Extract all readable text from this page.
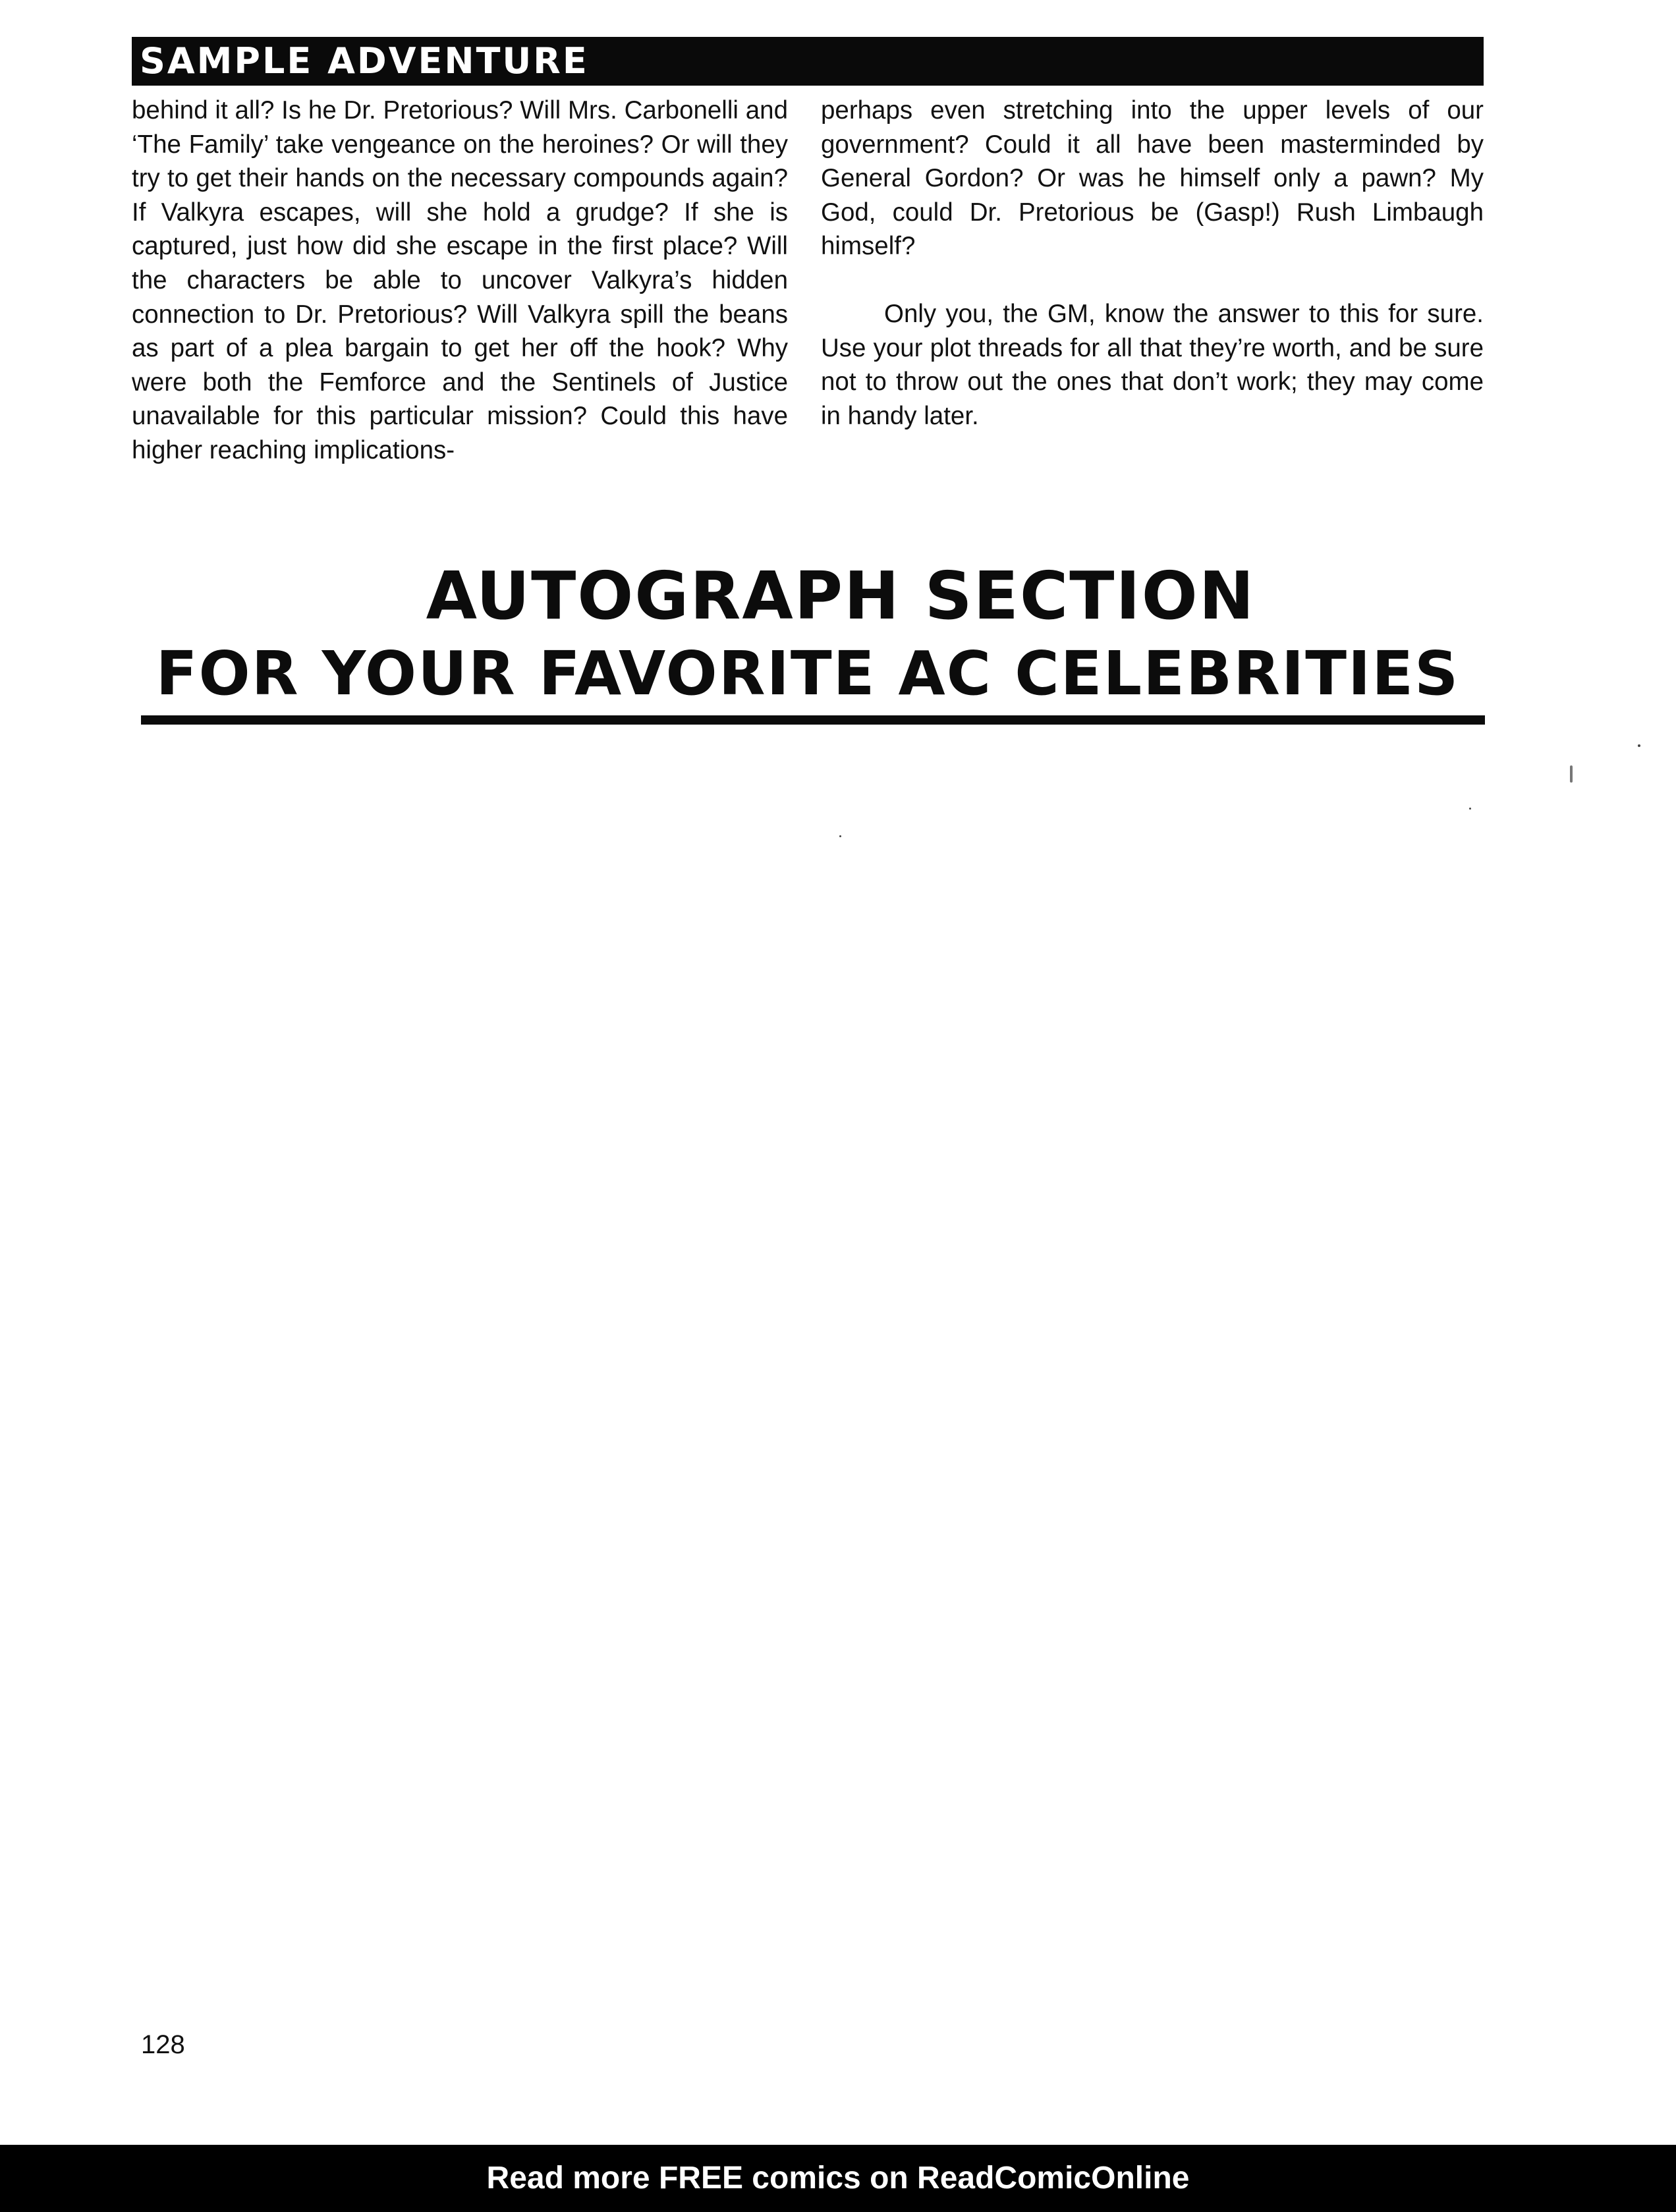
SAMPLE ADVENTURE

behind it all? Is he Dr. Pretorious? Will Mrs. Carbonelli and ‘The Family’ take vengeance on the heroines? Or will they try to get their hands on the necessary compounds again? If Valkyra escapes, will she hold a grudge? If she is captured, just how did she escape in the first place? Will the characters be able to uncover Valkyra’s hidden connection to Dr. Pretorious? Will Valkyra spill the beans as part of a plea bargain to get her off the hook? Why were both the Femforce and the Sentinels of Justice unavailable for this particular mission? Could this have higher reaching implications-

perhaps even stretching into the upper levels of our government? Could it all have been masterminded by General Gordon? Or was he himself only a pawn? My God, could Dr. Pretorious be (Gasp!) Rush Limbaugh himself?

Only you, the GM, know the answer to this for sure. Use your plot threads for all that they’re worth, and be sure not to throw out the ones that don’t work; they may come in handy later.

AUTOGRAPH SECTION
FOR YOUR FAVORITE AC CELEBRITIES
128
Read more FREE comics on ReadComicOnline
